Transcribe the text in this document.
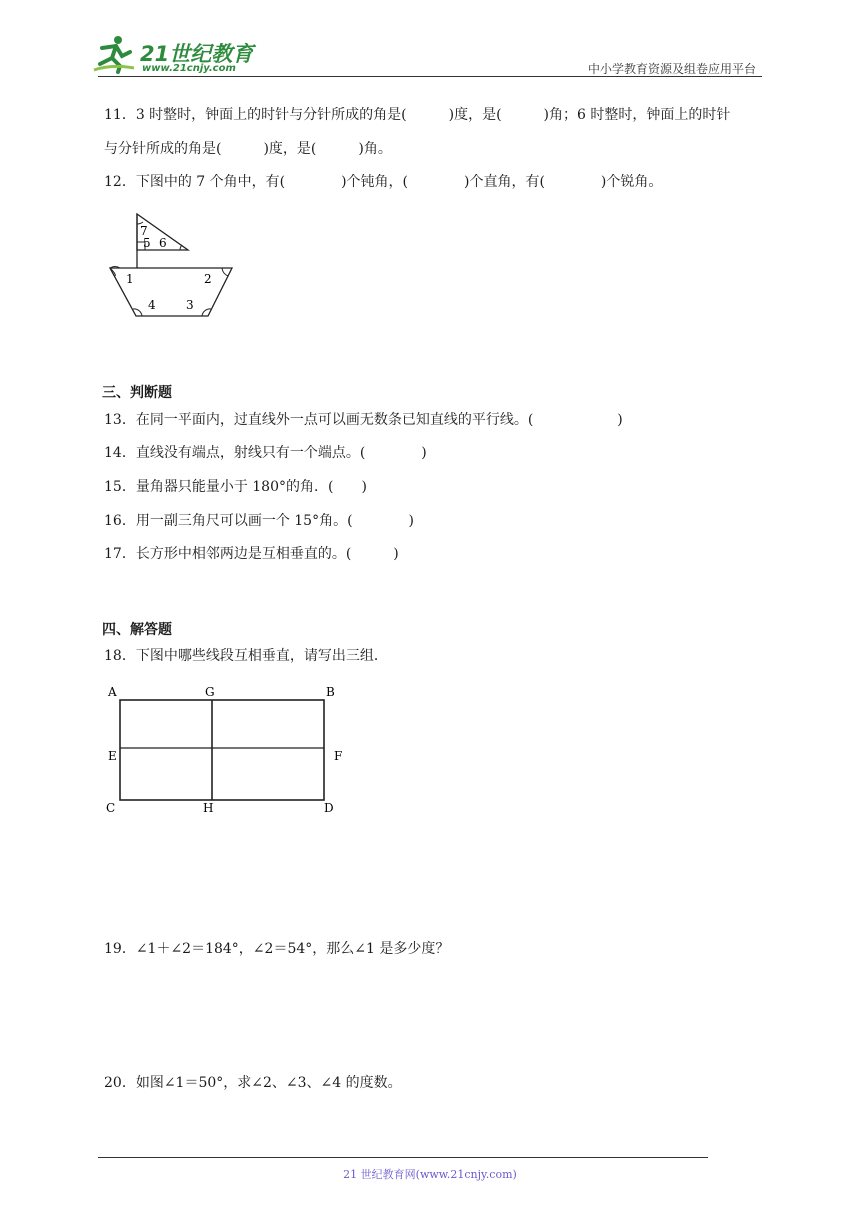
21世纪教育
www.21cnjy.com	中小学教育资源及组卷应用平台
11．3 时整时，钟面上的时针与分针所成的角是(　　　)度，是(　　　)角；6 时整时，钟面上的时针
与分针所成的角是(　　　)度，是(　　　)角。
12．下图中的 7 个角中，有(　　　　)个钝角，(　　　　)个直角，有(　　　　)个锐角。
1	2
3
4
5 6
7
三、判断题
13．在同一平面内，过直线外一点可以画无数条已知直线的平行线。(　　　　　　)
14．直线没有端点，射线只有一个端点。(　　　　)
15．量角器只能量小于 180°的角．(　　)
16．用一副三角尺可以画一个 15°角。(　　　　)
17．长方形中相邻两边是互相垂直的。(　　　)
四、解答题
18．下图中哪些线段互相垂直，请写出三组．
A	G	B
E	F
C	H	D
19．∠1＋∠2＝184°，∠2＝54°，那么∠1 是多少度？
20．如图∠1＝50°，求∠2、∠3、∠4 的度数。
21 世纪教育网(www.21cnjy.com)
